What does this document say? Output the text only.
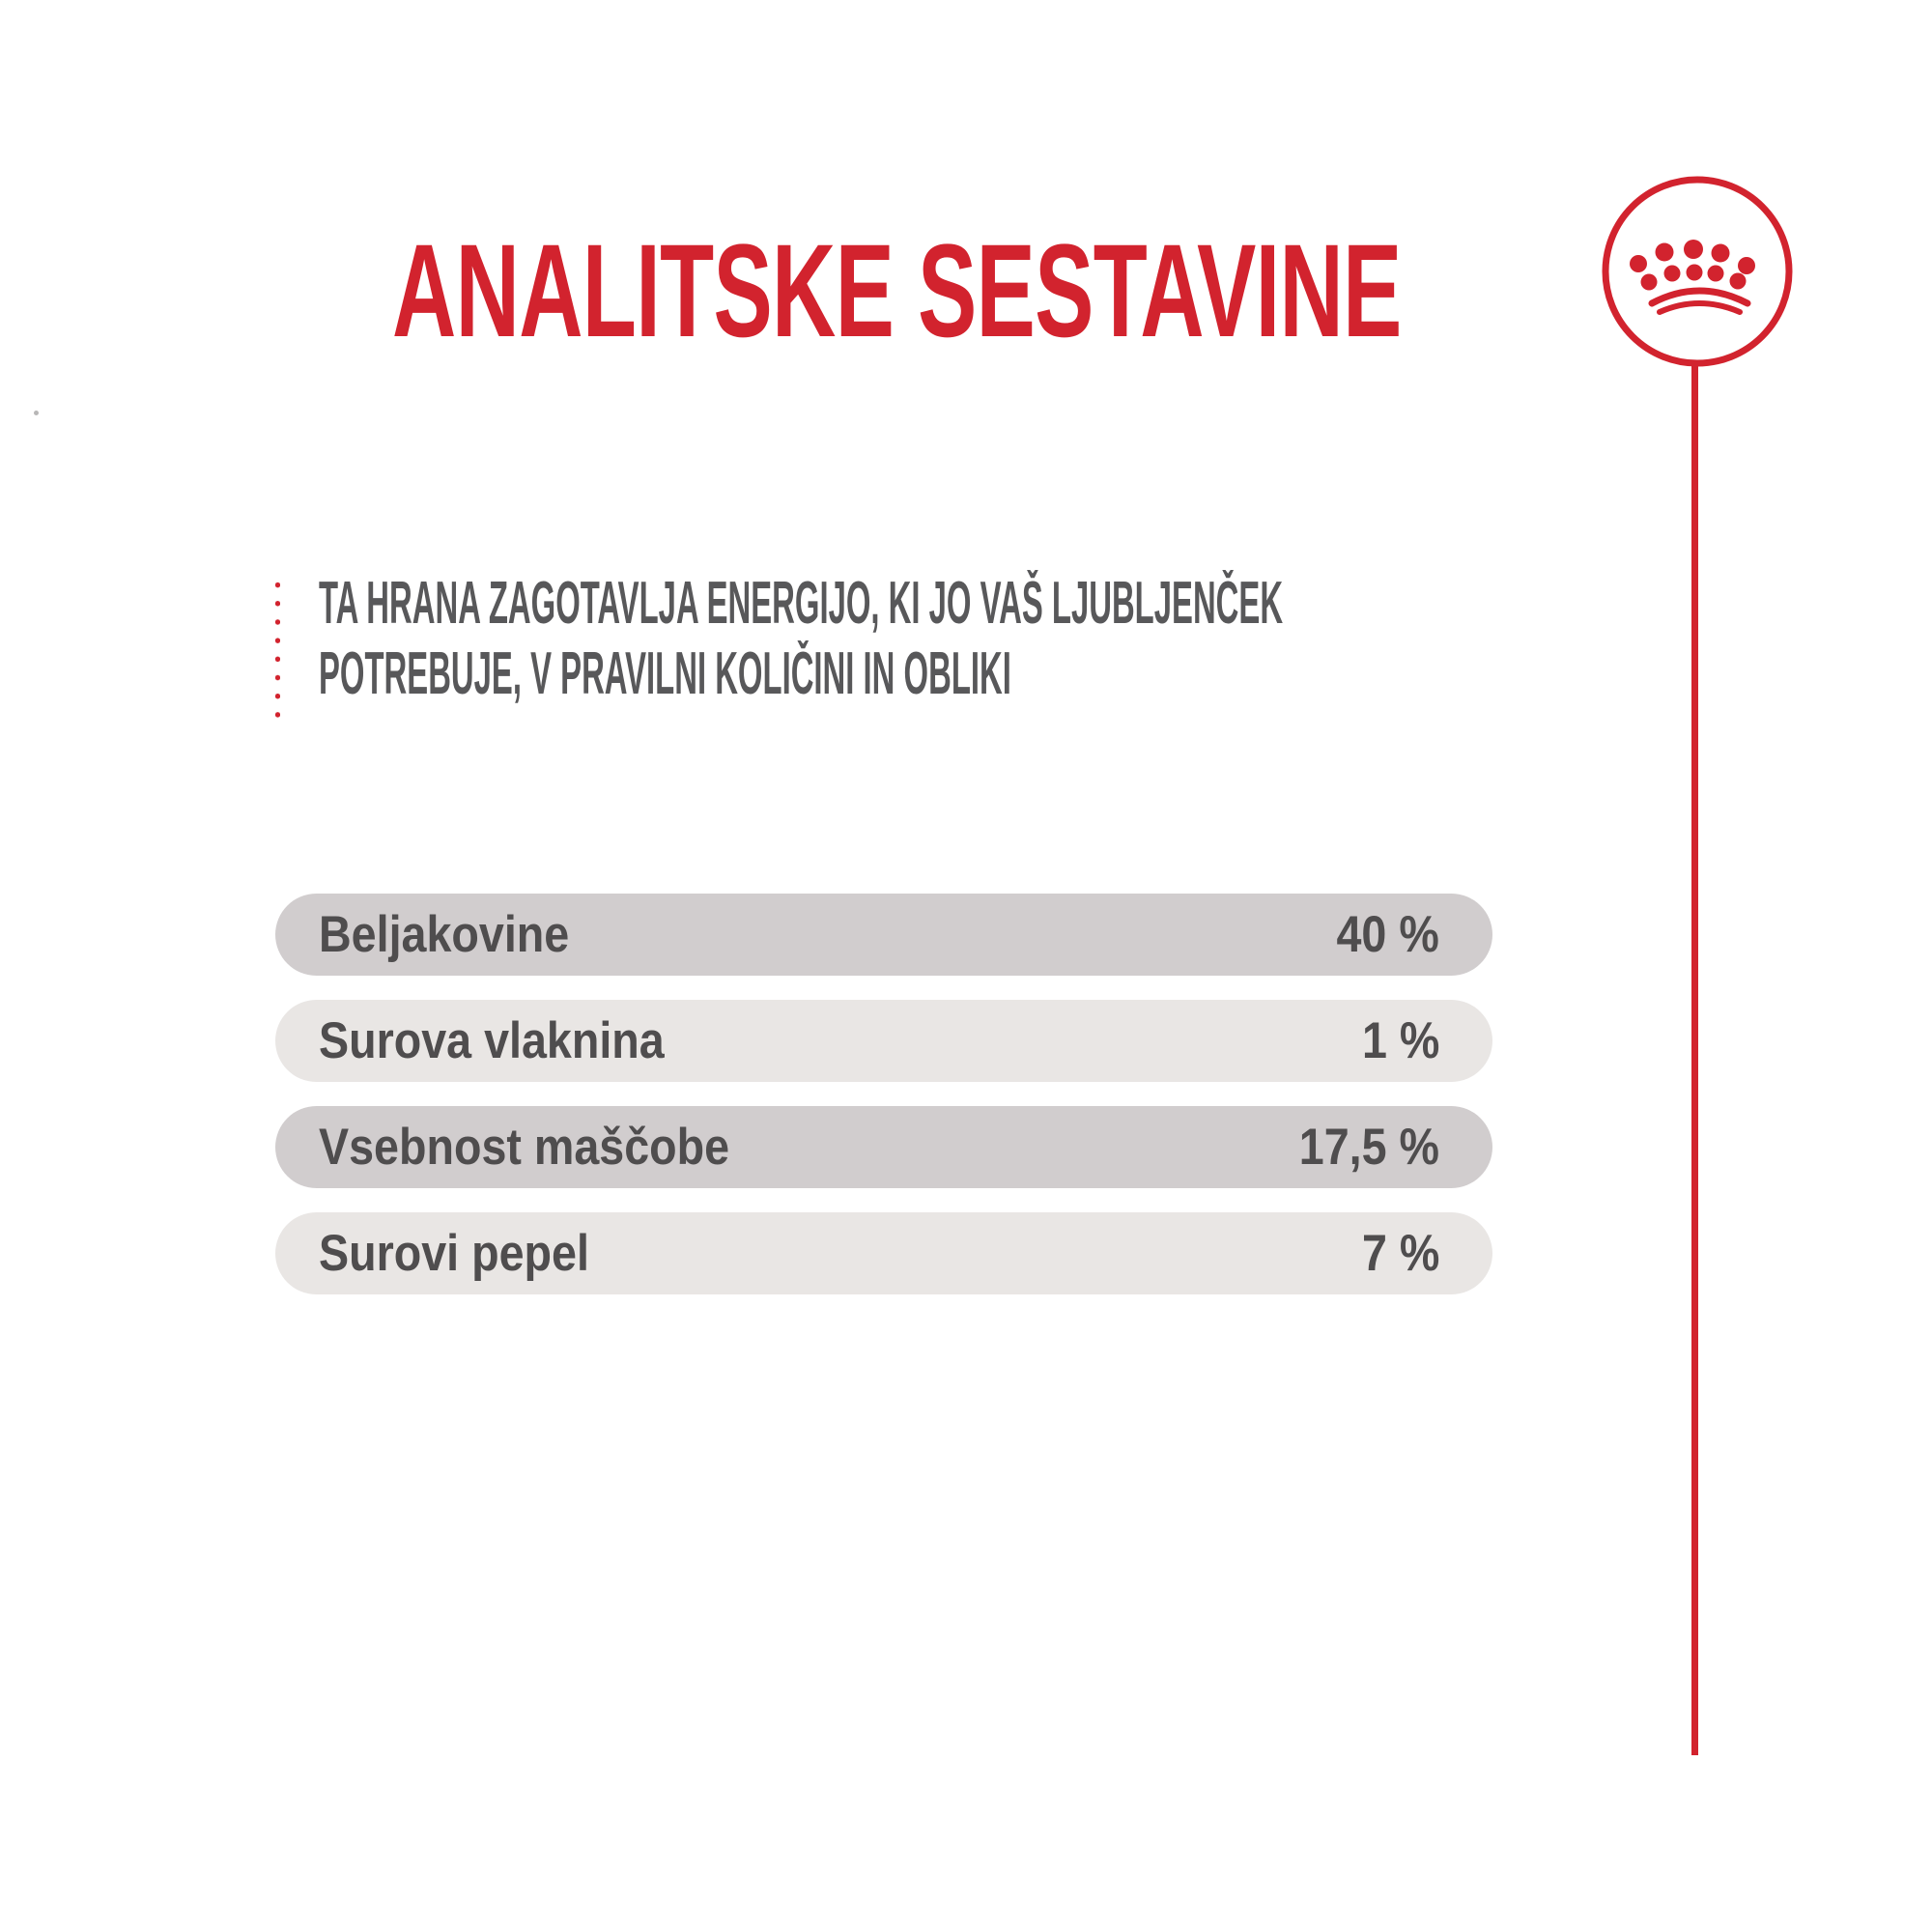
ANALITSKE SESTAVINE
TA HRANA ZAGOTAVLJA ENERGIJO, KI JO VAŠ LJUBLJENČEK
POTREBUJE, V PRAVILNI KOLIČINI IN OBLIKI
Beljakovine	40 %
Surova vlaknina	1 %
Vsebnost maščobe	17,5 %
Surovi pepel	7 %
